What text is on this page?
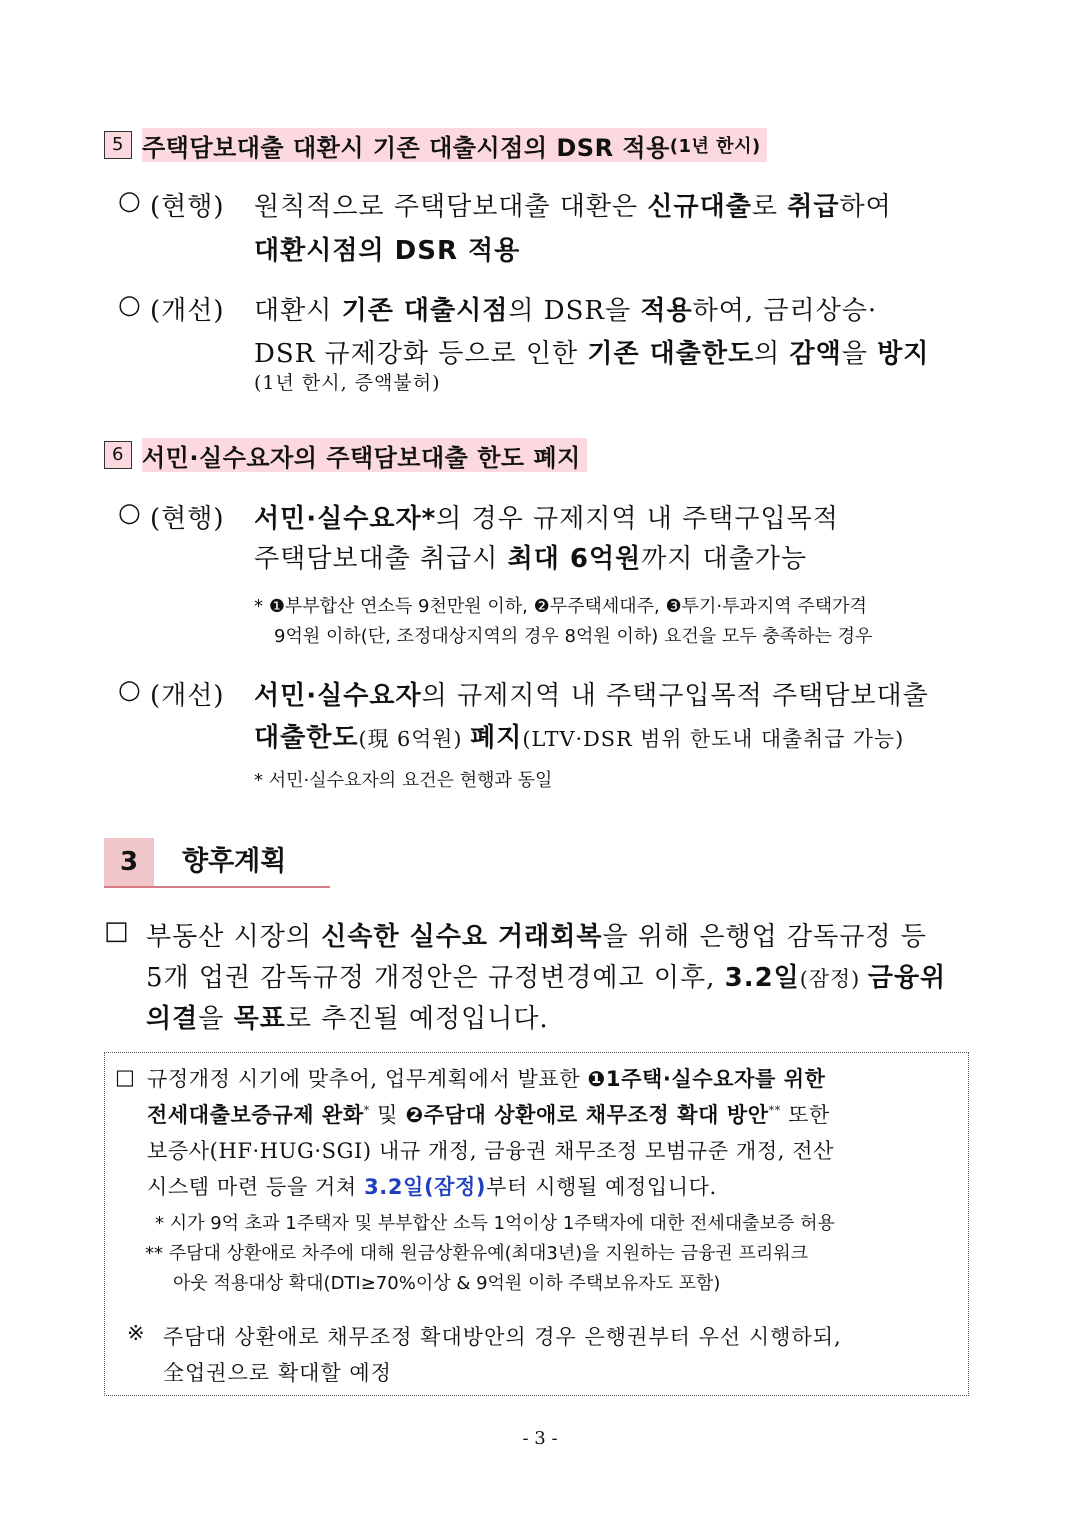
5 주택담보대출 대환시 기존 대출시점의 DSR 적용 (1년 한시)
○ (현행) 원칙적으로 주택담보대출 대환은 신규대출로 취급하여
대환시점의 DSR 적용
○ (개선) 대환시 기존 대출시점의 DSR을 적용하여, 금리상승·
DSR 규제강화 등으로 인한 기존 대출한도의 감액을 방지
(1년 한시, 증액불허)
6 서민·실수요자의 주택담보대출 한도 폐지
○ (현행) 서민·실수요자*의 경우 규제지역 내 주택구입목적
주택담보대출 취급시 최대 6억원까지 대출가능
* ❶부부합산 연소득 9천만원 이하, ❷무주택세대주, ❸투기·투과지역 주택가격
9억원 이하(단, 조정대상지역의 경우 8억원 이하) 요건을 모두 충족하는 경우
○ (개선) 서민·실수요자의 규제지역 내 주택구입목적 주택담보대출
대출한도(現 6억원) 폐지(LTV·DSR 범위 한도내 대출취급 가능)
* 서민·실수요자의 요건은 현행과 동일
3	향후계획
□ 부동산 시장의 신속한 실수요 거래회복을 위해 은행업 감독규정 등
5개 업권 감독규정 개정안은 규정변경예고 이후, 3.2일(잠정) 금융위
의결을 목표로 추진될 예정입니다.
□ 규정개정 시기에 맞추어, 업무계획에서 발표한 ❶1주택·실수요자를 위한
전세대출보증규제 완화* 및 ❷주담대 상환애로 채무조정 확대 방안** 또한
보증사(HF·HUG·SGI) 내규 개정, 금융권 채무조정 모범규준 개정, 전산
시스템 마련 등을 거쳐 3.2일(잠정)부터 시행될 예정입니다.
* 시가 9억 초과 1주택자 및 부부합산 소득 1억이상 1주택자에 대한 전세대출보증 허용
** 주담대 상환애로 차주에 대해 원금상환유예(최대3년)을 지원하는 금융권 프리워크
아웃 적용대상 확대(DTI≥70%이상 & 9억원 이하 주택보유자도 포함)
※ 주담대 상환애로 채무조정 확대방안의 경우 은행권부터 우선 시행하되,
全업권으로 확대할 예정
- 3 -
